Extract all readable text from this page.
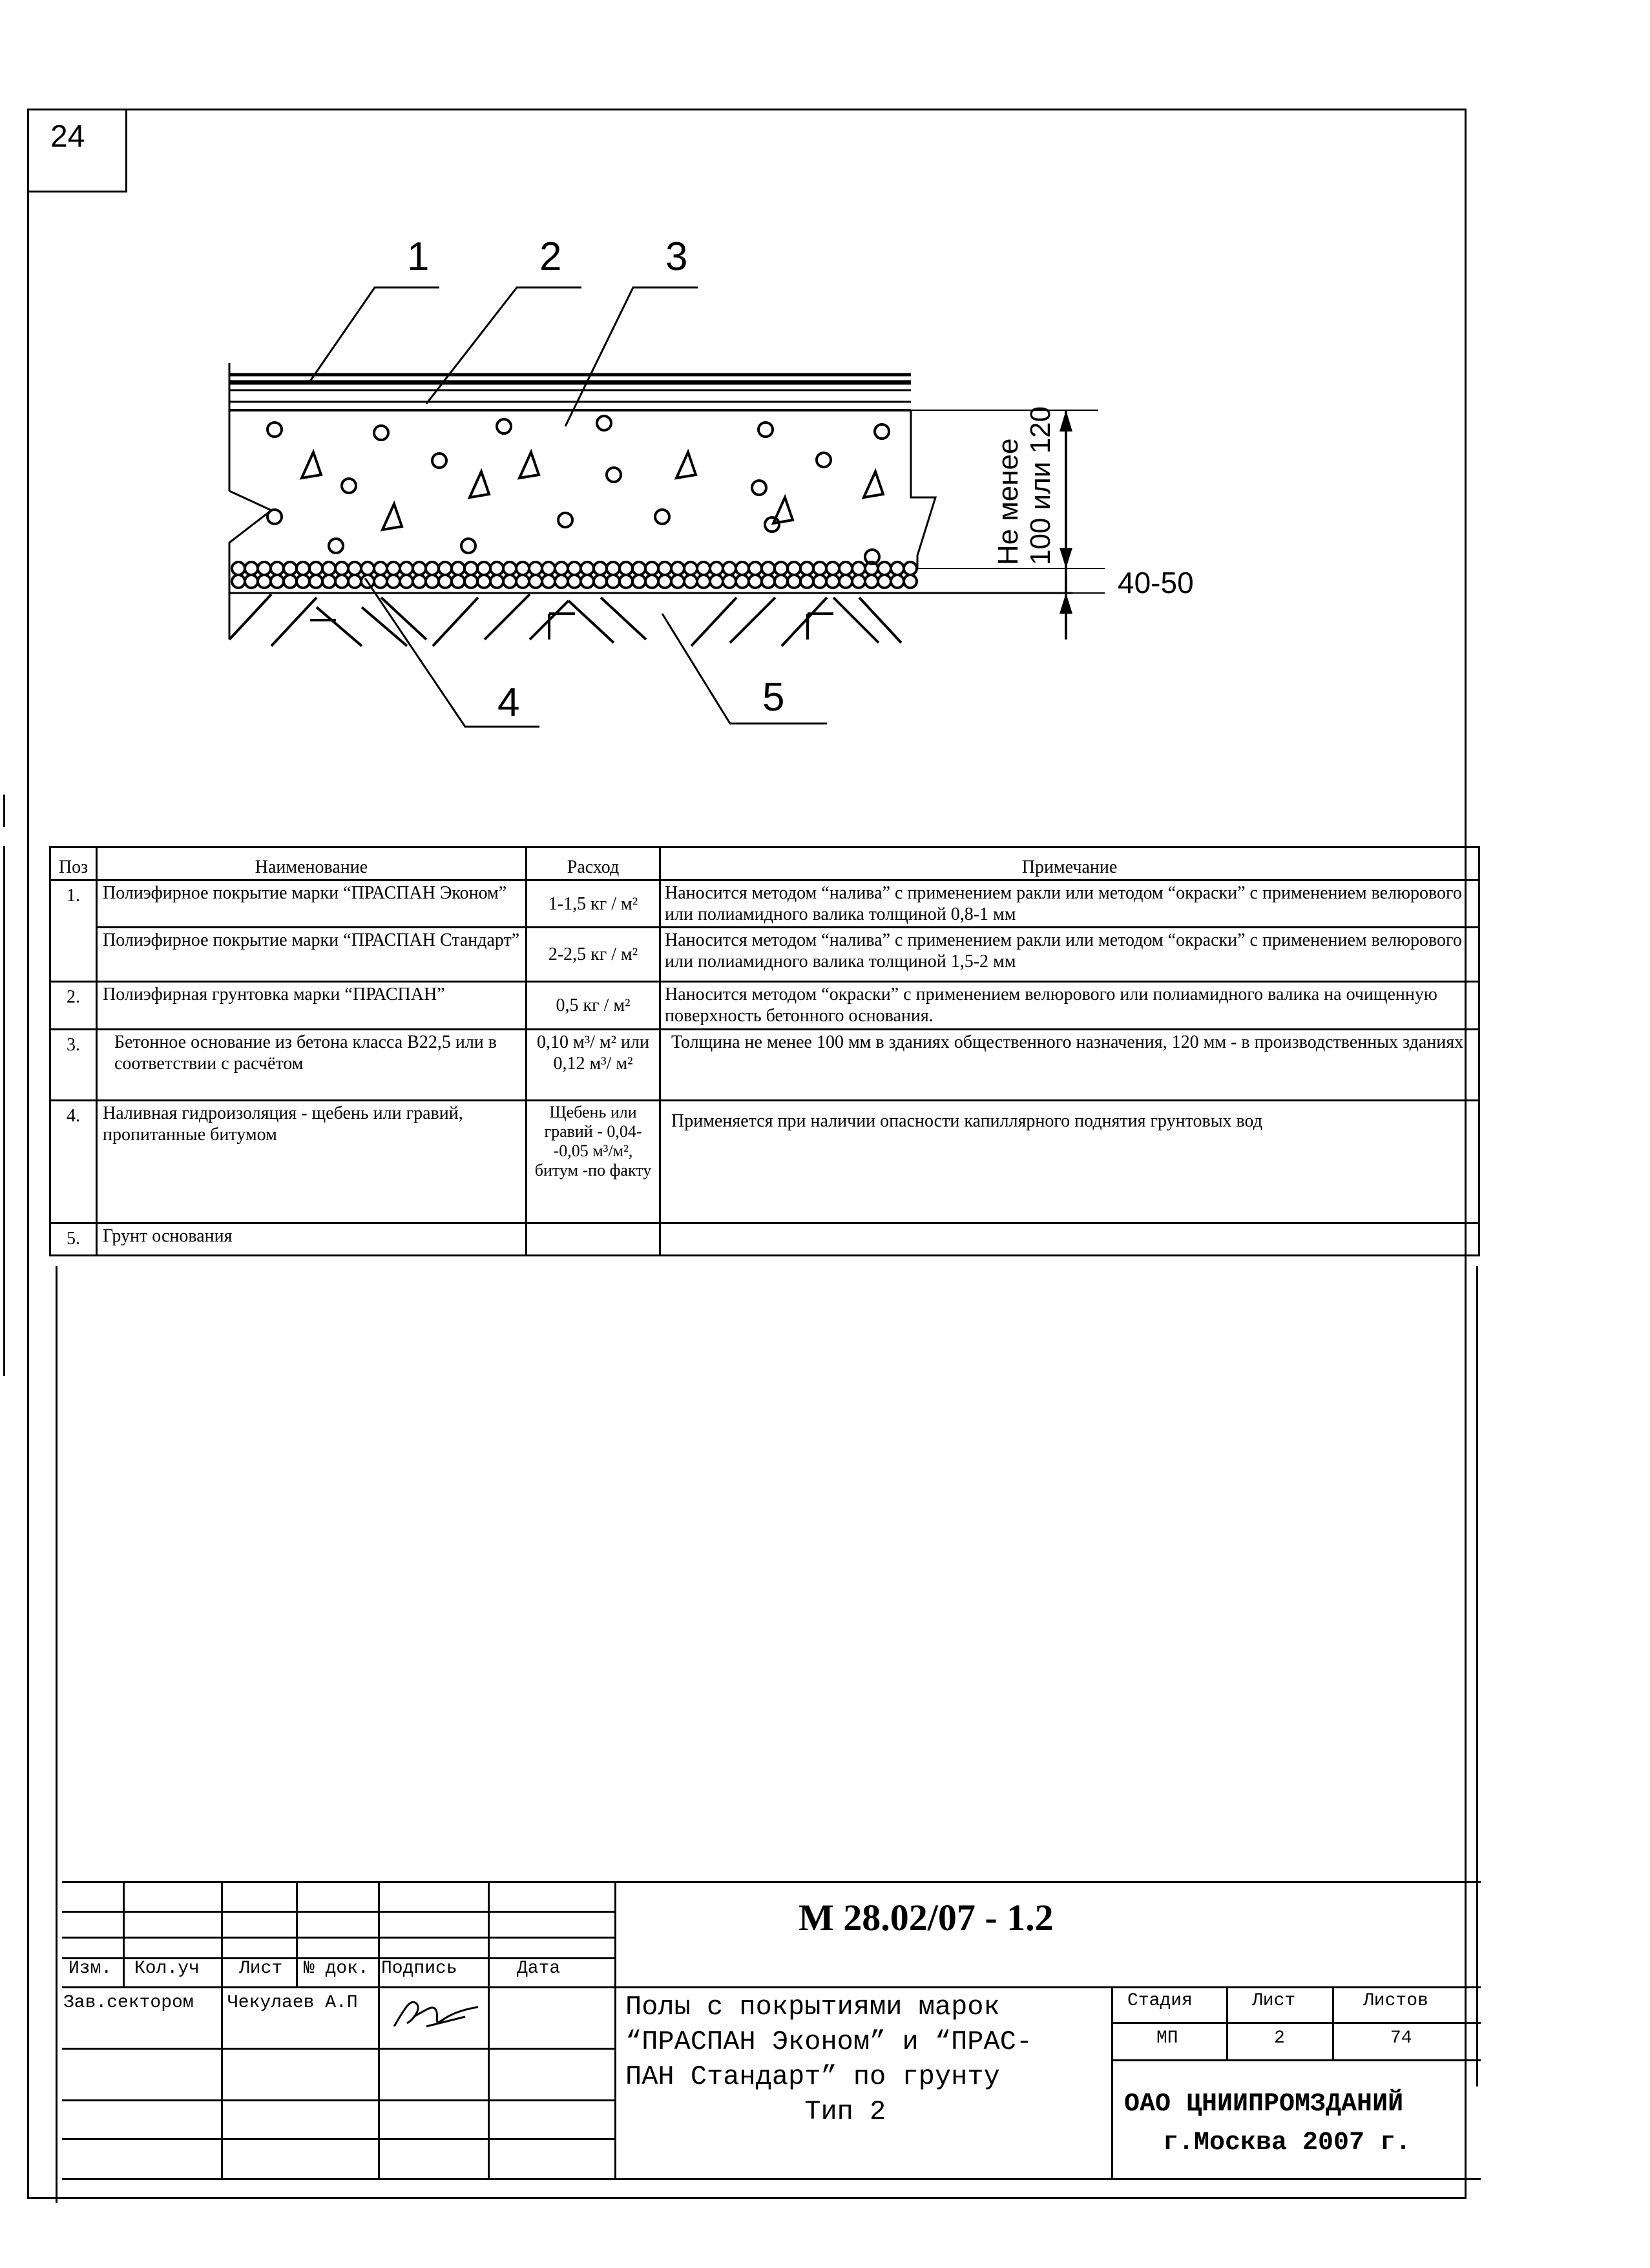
24
1	2	3
4	5
Не менее 100 или 120
40-50
Поз	Наименование	Расход	Примечание
1.	Полиэфирное покрытие марки “ПРАСПАН Эконом”	1-1,5 кг / м²	Наносится методом “налива” с применением ракли или методом “окраски” с применением велюрового или полиамидного валика толщиной 0,8-1 мм
	Полиэфирное покрытие марки “ПРАСПАН Стандарт”	2-2,5 кг / м²	Наносится методом “налива” с применением ракли или методом “окраски” с применением велюрового или полиамидного валика толщиной 1,5-2 мм
2.	Полиэфирная грунтовка марки “ПРАСПАН”	0,5 кг / м²	Наносится методом “окраски” с применением велюрового или полиамидного валика на очищенную поверхность бетонного основания.
3.	Бетонное основание из бетона класса В22,5 или в соответствии с расчётом	0,10 м³/ м² или 0,12 м³/ м²	Толщина не менее 100 мм в зданиях общественного назначения, 120 мм - в производственных зданиях
4.	Наливная гидроизоляция - щебень или гравий, пропитанные битумом	Щебень или гравий - 0,04--0,05 м³/м², битум -по факту	Применяется при наличии опасности капиллярного поднятия грунтовых вод
5.	Грунт основания		
М 28.02/07 - 1.2
Изм. Кол.уч Лист № док. Подпись	Дата
Зав.сектором Чекулаев А.П	Полы с покрытиями марок
“ПРАСПАН Эконом” и “ПРАС-
ПАН Стандарт” по грунту
Тип 2
Стадия	Лист	Листов
МП	2	74
ОАО ЦНИИПРОМЗДАНИЙ
г.Москва 2007 г.
